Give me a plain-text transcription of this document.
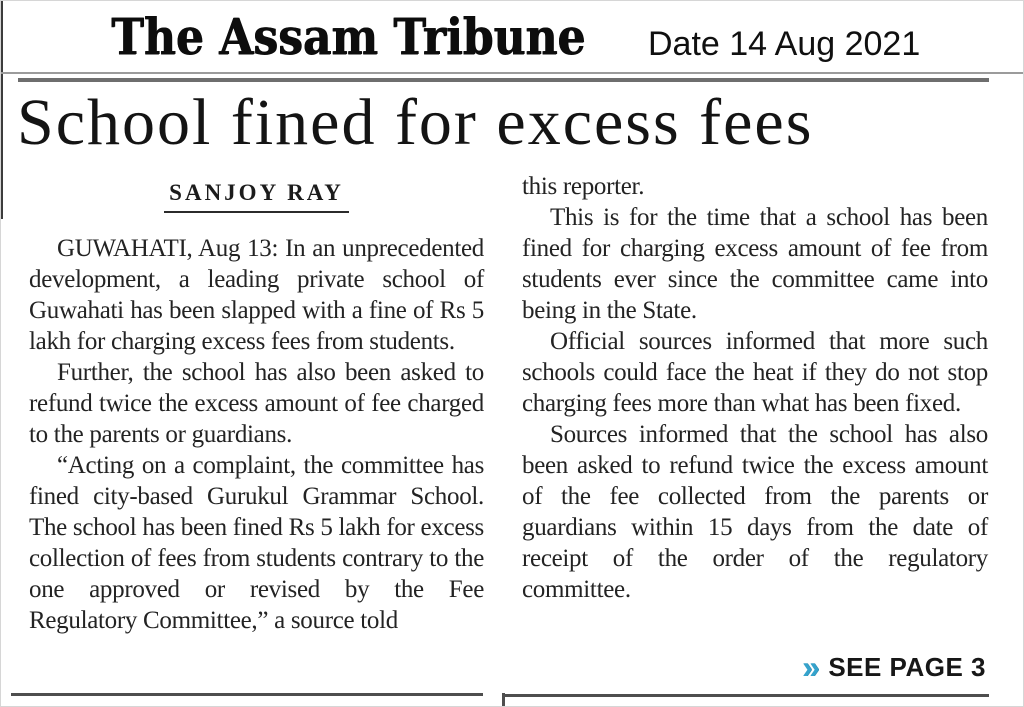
The Assam Tribune Date 14 Aug 2021
School fined for excess fees
SANJOY RAY

GUWAHATI, Aug 13: In an unprecedented development, a leading private school of Guwahati has been slapped with a fine of Rs 5 lakh for charging excess fees from students.

Further, the school has also been asked to refund twice the excess amount of fee charged to the parents or guardians.

“Acting on a complaint, the committee has fined city-based Gurukul Grammar School. The school has been fined Rs 5 lakh for excess collection of fees from students contrary to the one approved or revised by the Fee Regulatory Committee,” a source told

this reporter.

This is for the time that a school has been fined for charging excess amount of fee from students ever since the committee came into being in the State.

Official sources informed that more such schools could face the heat if they do not stop charging fees more than what has been fixed.

Sources informed that the school has also been asked to refund twice the excess amount of the fee collected from the parents or guardians within 15 days from the date of receipt of the order of the regulatory committee.

» SEE PAGE 3
